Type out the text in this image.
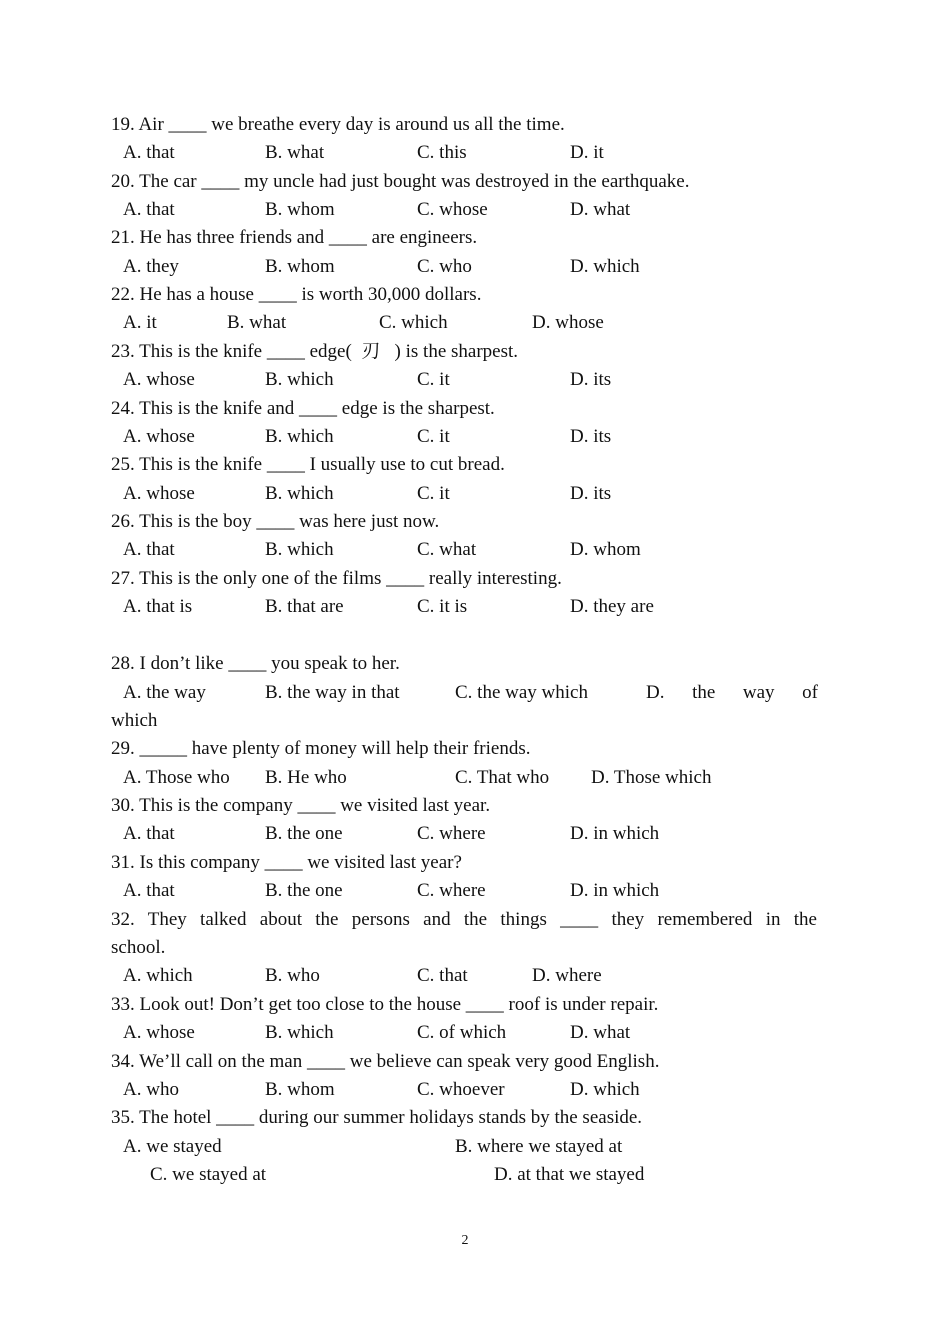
19. Air ____ we breathe every day is around us all the time.
A. that	B. what	C. this	D. it
20. The car ____ my uncle had just bought was destroyed in the earthquake.
A. that	B. whom	C. whose	D. what
21. He has three friends and ____ are engineers.
A. they	B. whom	C. who	D. which
22. He has a house ____ is worth 30,000 dollars.
A. it	B. what	C. which	D. whose
23. This is the knife ____ edge(  刃   ) is the sharpest.
A. whose	B. which	C. it	D. its
24. This is the knife and ____ edge is the sharpest.
A. whose	B. which	C. it	D. its
25. This is the knife ____ I usually use to cut bread.
A. whose	B. which	C. it	D. its
26. This is the boy ____ was here just now.
A. that	B. which	C. what	D. whom
27. This is the only one of the films ____ really interesting.
A. that is	B. that are	C. it is	D. they are
28. I don’t like ____ you speak to her.
A. the way	B. the way in that	C. the way which	D. the way of
which
29. _____ have plenty of money will help their friends.
A. Those who B. He who	C. That who D. Those which
30. This is the company ____ we visited last year.
A. that	B. the one	C. where	D. in which
31. Is this company ____ we visited last year?
A. that	B. the one	C. where	D. in which
32. They talked about the persons and the things ____ they remembered in the
school.
A. which	B. who	C. that	D. where
33. Look out! Don’t get too close to the house ____ roof is under repair.
A. whose	B. which	C. of which	D. what
34. We’ll call on the man ____ we believe can speak very good English.
A. who	B. whom	C. whoever	D. which
35. The hotel ____ during our summer holidays stands by the seaside.
A. we stayed	B. where we stayed at
C. we stayed at	D. at that we stayed
2
